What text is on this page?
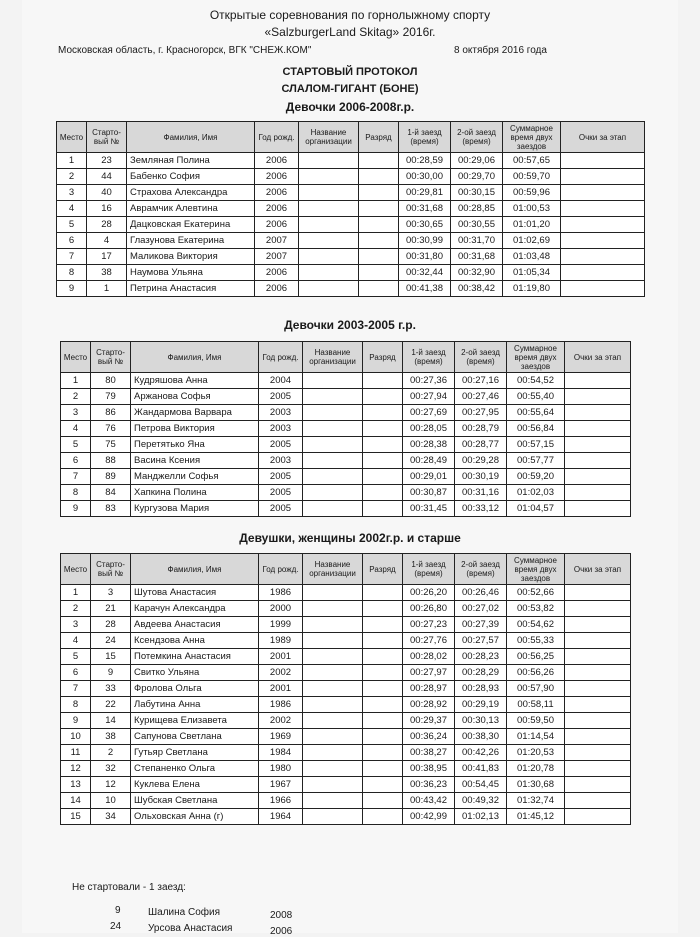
Открытые соревнования по горнолыжному спорту
«SalzburgerLand Skitag» 2016г.
Московская область, г. Красногорск, ВГК "СНЕЖ.КОМ"	8 октября 2016 года
СТАРТОВЫЙ ПРОТОКОЛ
СЛАЛОМ-ГИГАНТ (БОНЕ)
Девочки 2006-2008г.р.
Место	Старто-вый №	Фамилия, Имя	Год рожд.	Название организации	Разряд	1-й заезд (время)	2-ой заезд (время)	Суммарное время двух заездов	Очки за этап
1	23	Земляная Полина	2006			00:28,59	00:29,06	00:57,65	
2	44	Бабенко София	2006			00:30,00	00:29,70	00:59,70	
3	40	Страхова Александра	2006			00:29,81	00:30,15	00:59,96	
4	16	Аврамчик Алевтина	2006			00:31,68	00:28,85	01:00,53	
5	28	Дацковская Екатерина	2006			00:30,65	00:30,55	01:01,20	
6	4	Глазунова Екатерина	2007			00:30,99	00:31,70	01:02,69	
7	17	Маликова Виктория	2007			00:31,80	00:31,68	01:03,48	
8	38	Наумова Ульяна	2006			00:32,44	00:32,90	01:05,34	
9	1	Петрина Анастасия	2006			00:41,38	00:38,42	01:19,80	
Девочки 2003-2005 г.р.
Место	Старто-вый №	Фамилия, Имя	Год рожд.	Название организации	Разряд	1-й заезд (время)	2-ой заезд (время)	Суммарное время двух заездов	Очки за этап
1	80	Кудряшова Анна	2004			00:27,36	00:27,16	00:54,52	
2	79	Аржанова Софья	2005			00:27,94	00:27,46	00:55,40	
3	86	Жандармова Варвара	2003			00:27,69	00:27,95	00:55,64	
4	76	Петрова Виктория	2003			00:28,05	00:28,79	00:56,84	
5	75	Перетятько Яна	2005			00:28,38	00:28,77	00:57,15	
6	88	Васина Ксения	2003			00:28,49	00:29,28	00:57,77	
7	89	Манджелли Софья	2005			00:29,01	00:30,19	00:59,20	
8	84	Хапкина Полина	2005			00:30,87	00:31,16	01:02,03	
9	83	Кургузова Мария	2005			00:31,45	00:33,12	01:04,57	
Девушки, женщины 2002г.р. и старше
Место	Старто-вый №	Фамилия, Имя	Год рожд.	Название организации	Разряд	1-й заезд (время)	2-ой заезд (время)	Суммарное время двух заездов	Очки за этап
1	3	Шутова Анастасия	1986			00:26,20	00:26,46	00:52,66	
2	21	Карачун Александра	2000			00:26,80	00:27,02	00:53,82	
3	28	Авдеева Анастасия	1999			00:27,23	00:27,39	00:54,62	
4	24	Ксендзова Анна	1989			00:27,76	00:27,57	00:55,33	
5	15	Потемкина Анастасия	2001			00:28,02	00:28,23	00:56,25	
6	9	Свитко Ульяна	2002			00:27,97	00:28,29	00:56,26	
7	33	Фролова Ольга	2001			00:28,97	00:28,93	00:57,90	
8	22	Лабутина Анна	1986			00:28,92	00:29,19	00:58,11	
9	14	Курищева Елизавета	2002			00:29,37	00:30,13	00:59,50	
10	38	Сапунова Светлана	1969			00:36,24	00:38,30	01:14,54	
11	2	Гутьяр Светлана	1984			00:38,27	00:42,26	01:20,53	
12	32	Степаненко Ольга	1980			00:38,95	00:41,83	01:20,78	
13	12	Куклева Елена	1967			00:36,23	00:54,45	01:30,68	
14	10	Шубская Светлана	1966			00:43,42	00:49,32	01:32,74	
15	34	Ольховская Анна (г)	1964			00:42,99	01:02,13	01:45,12	
Не стартовали - 1 заезд:
9	Шалина София	2008
24	Урсова Анастасия	2006
